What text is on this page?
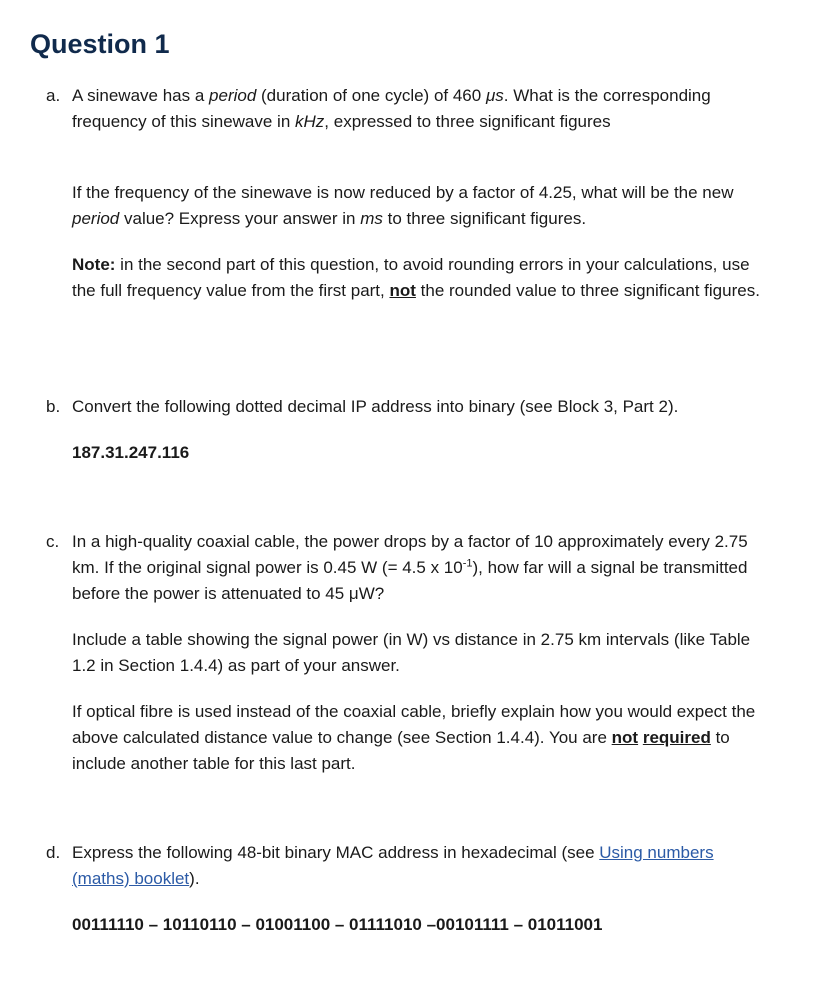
Question 1
a. A sinewave has a period (duration of one cycle) of 460 μs. What is the corresponding frequency of this sinewave in kHz, expressed to three significant figures

If the frequency of the sinewave is now reduced by a factor of 4.25, what will be the new period value? Express your answer in ms to three significant figures.

Note: in the second part of this question, to avoid rounding errors in your calculations, use the full frequency value from the first part, not the rounded value to three significant figures.

b. Convert the following dotted decimal IP address into binary (see Block 3, Part 2).

187.31.247.116

c. In a high-quality coaxial cable, the power drops by a factor of 10 approximately every 2.75 km. If the original signal power is 0.45 W (= 4.5 x $10^{-1}$), how far will a signal be transmitted before the power is attenuated to 45 μW?

Include a table showing the signal power (in W) vs distance in 2.75 km intervals (like Table 1.2 in Section 1.4.4) as part of your answer.

If optical fibre is used instead of the coaxial cable, briefly explain how you would expect the above calculated distance value to change (see Section 1.4.4). You are not required to include another table for this last part.

d. Express the following 48-bit binary MAC address in hexadecimal (see Using numbers (maths) booklet).

00111110 – 10110110 – 01001100 – 01111010 –00101111 – 01011001
